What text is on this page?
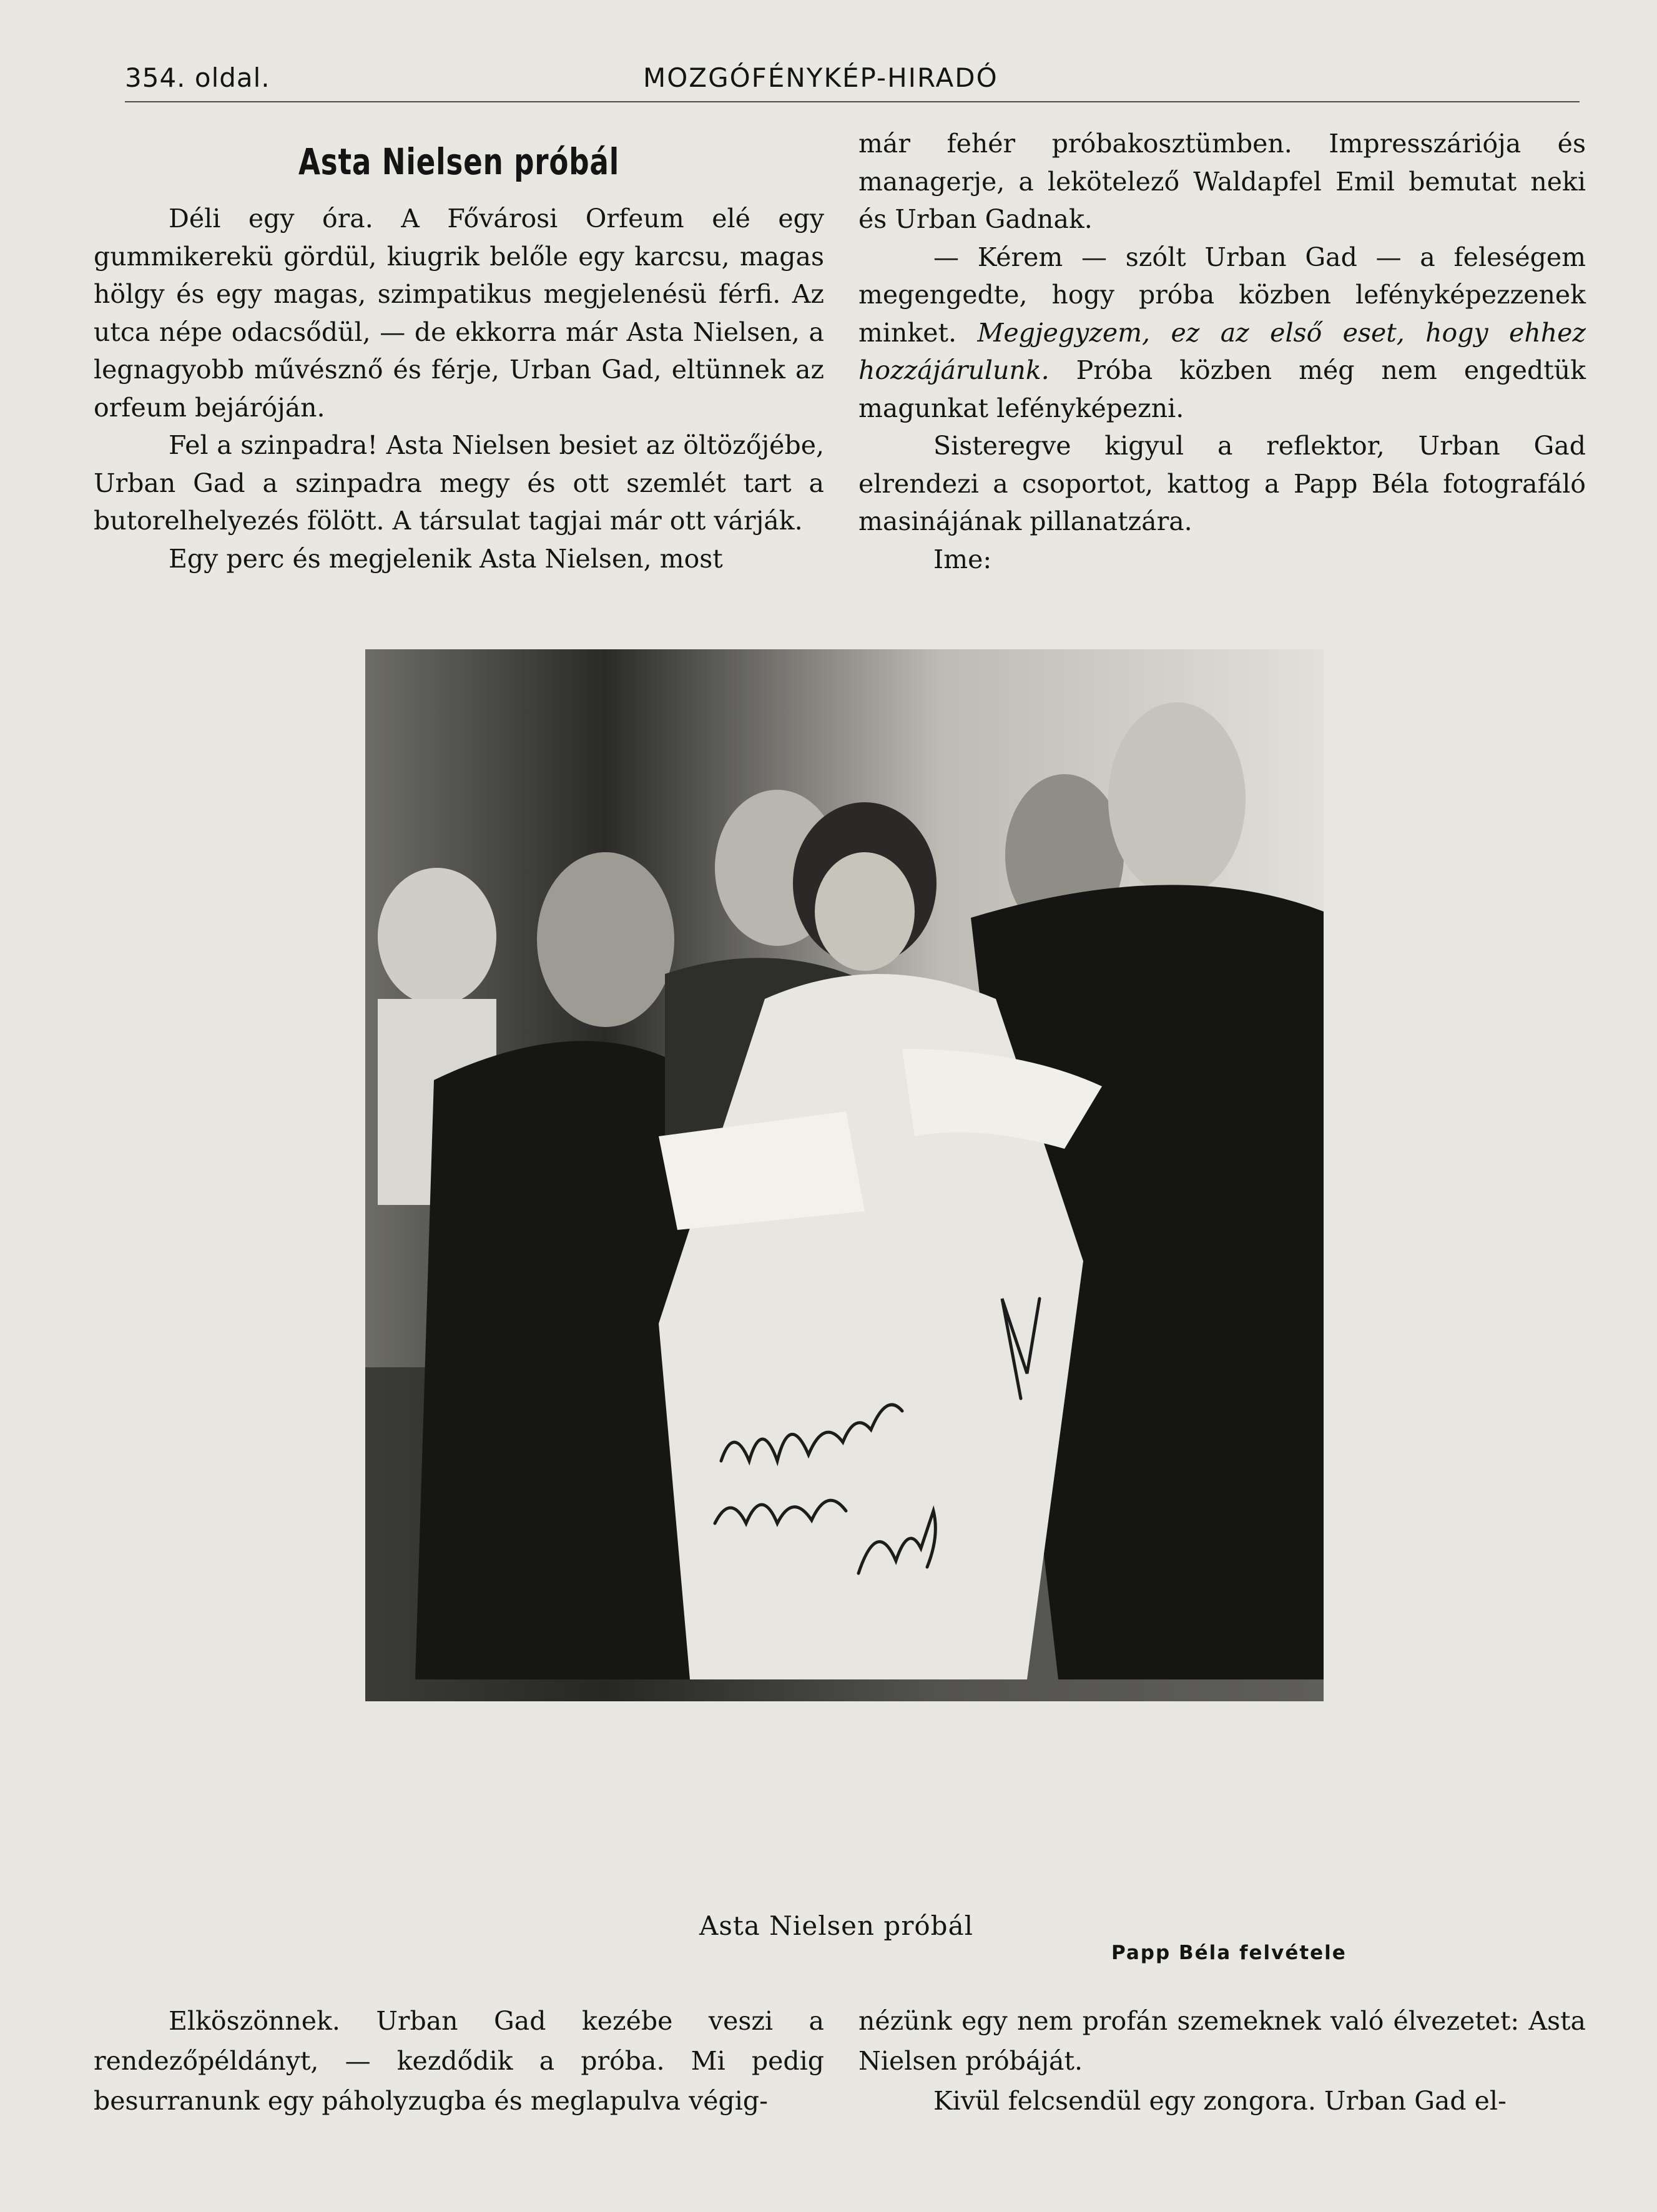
354. oldal.	MOZGÓFÉNYKÉP-HIRADÓ
Asta Nielsen próbál

Déli egy óra. A Fővárosi Orfeum elé egy gummikerekü gördül, kiugrik belőle egy karcsu, magas hölgy és egy magas, szimpatikus megjelenésü férfi. Az utca népe odacsődül, — de ekkorra már Asta Nielsen, a legnagyobb művésznő és férje, Urban Gad, eltünnek az orfeum bejáróján.

Fel a szinpadra! Asta Nielsen besiet az öltözőjébe, Urban Gad a szinpadra megy és ott szemlét tart a butorelhelyezés fölött. A társulat tagjai már ott várják.

Egy perc és megjelenik Asta Nielsen, most

már fehér próbakosztümben. Impresszáriója és managerje, a lekötelező Waldapfel Emil bemutat neki és Urban Gadnak.

— Kérem — szólt Urban Gad — a feleségem megengedte, hogy próba közben lefényképezzenek minket. Megjegyzem, ez az első eset, hogy ehhez hozzájárulunk. Próba közben még nem engedtük magunkat lefényképezni.

Sisteregve kigyul a reflektor, Urban Gad elrendezi a csoportot, kattog a Papp Béla fotografáló masinájának pillanatzára.

Ime:

Asta Nielsen próbál
Papp Béla felvétele

Elköszönnek. Urban Gad kezébe veszi a rendezőpéldányt, — kezdődik a próba. Mi pedig besurranunk egy páholyzugba és meglapulva végig-

nézünk egy nem profán szemeknek való élvezetet: Asta Nielsen próbáját.

Kivül felcsendül egy zongora. Urban Gad el-
